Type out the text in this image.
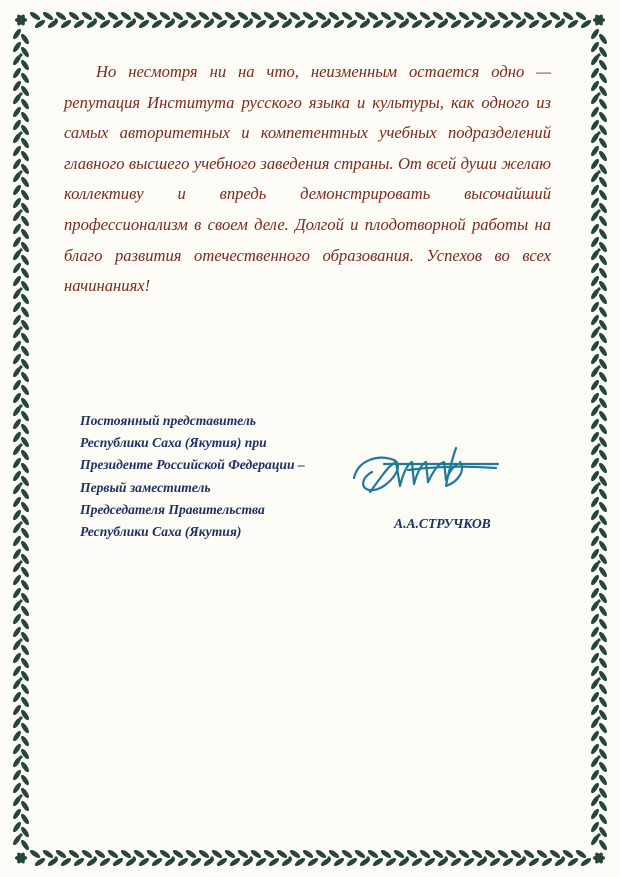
Но несмотря ни на что, неизменным остается одно — репутация Института русского языка и культуры, как одного из самых авторитетных и компетентных учебных подразделений главного высшего учебного заведения страны. От всей души желаю коллективу и впредь демонстрировать высочайший профессионализм в своем деле. Долгой и плодотворной работы на благо развития отечественного образования. Успехов во всех начинаниях!

Постоянный представитель
Республики Саха (Якутия) при
Президенте Российской Федерации –
Первый заместитель
Председателя Правительства
Республики Саха (Якутия)
А.А.СТРУЧКОВ
